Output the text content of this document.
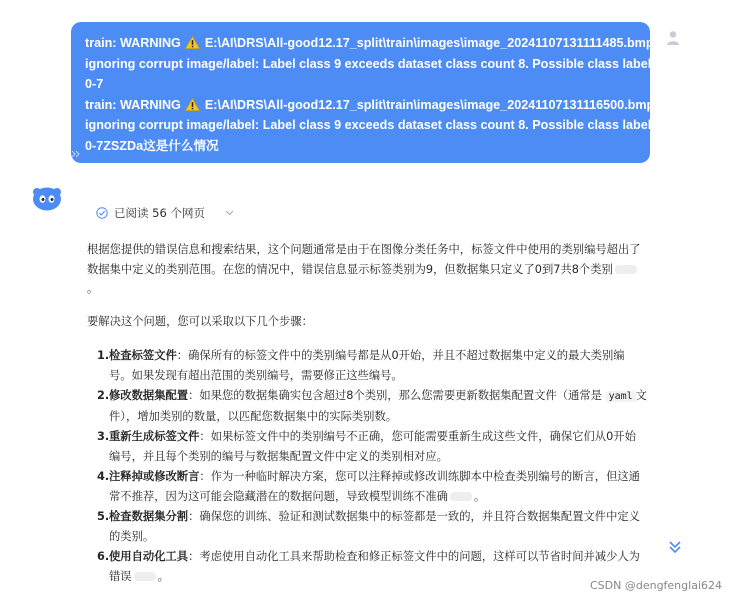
train: WARNING E:\AI\DRS\All-good12.17_split\train\images\image_20241107131111485.bmp:

ignoring corrupt image/label: Label class 9 exceeds dataset class count 8. Possible class labels are

0-7

train: WARNING E:\AI\DRS\All-good12.17_split\train\images\image_20241107131116500.bmp:

ignoring corrupt image/label: Label class 9 exceeds dataset class count 8. Possible class labels are

0-7ZSZDa这是什么情况

已阅读 56 个网页

根据您提供的错误信息和搜索结果，这个问题通常是由于在图像分类任务中，标签文件中使用的类别编号超出了数据集中定义的类别范围。在您的情况中，错误信息显示标签类别为9，但数据集只定义了0到7共8个类别。

要解决这个问题，您可以采取以下几个步骤：

1. 检查标签文件：确保所有的标签文件中的类别编号都是从0开始，并且不超过数据集中定义的最大类别编号。如果发现有超出范围的类别编号，需要修正这些编号。
2. 修改数据集配置：如果您的数据集确实包含超过8个类别，那么您需要更新数据集配置文件（通常是 yaml 文件），增加类别的数量，以匹配您数据集中的实际类别数。
3. 重新生成标签文件：如果标签文件中的类别编号不正确，您可能需要重新生成这些文件，确保它们从0开始编号，并且每个类别的编号与数据集配置文件中定义的类别相对应。
4. 注释掉或修改断言：作为一种临时解决方案，您可以注释掉或修改训练脚本中检查类别编号的断言，但这通常不推荐，因为这可能会隐藏潜在的数据问题，导致模型训练不准确 。
5. 检查数据集分割：确保您的训练、验证和测试数据集中的标签都是一致的，并且符合数据集配置文件中定义的类别。
6. 使用自动化工具：考虑使用自动化工具来帮助检查和修正标签文件中的问题，这样可以节省时间并减少人为错误 。
CSDN @dengfenglai624
